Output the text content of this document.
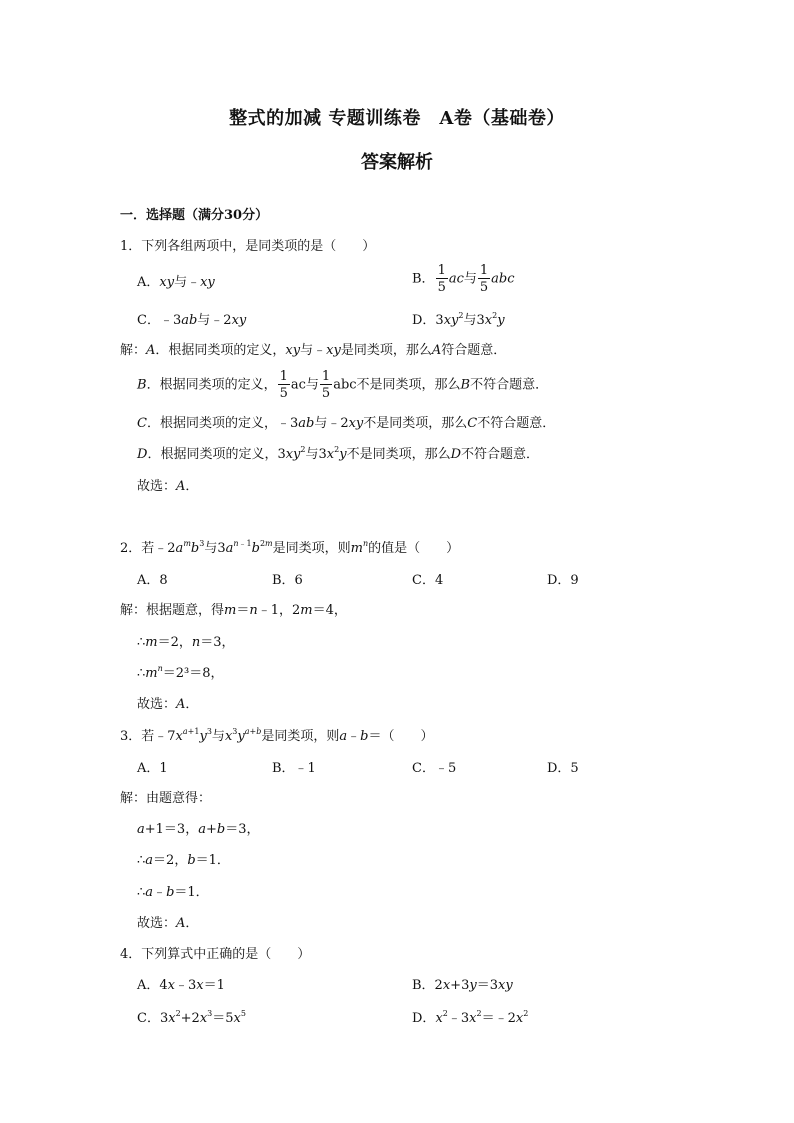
整式的加减 专题训练卷　A卷（基础卷）
答案解析
一．选择题（满分30分）
1．下列各组两项中，是同类项的是（　　）
A．xy与﹣xy	B． $\frac{1}{5}$ ac与 $\frac{1}{5}$ abc
C．﹣3ab与﹣2xy	D．$3xy^2$与$3x^2y$
解：A．根据同类项的定义，xy与﹣xy是同类项，那么A符合题意．
B．根据同类项的定义， $\frac{1}{5}$ ac与 $\frac{1}{5}$ abc不是同类项，那么B不符合题意．
C．根据同类项的定义，﹣3ab与﹣2xy不是同类项，那么C不符合题意．
D．根据同类项的定义，$3xy^2$与$3x^2y$不是同类项，那么D不符合题意．
故选：A．
2．若$﹣2a^mb^3$与$3a^{n﹣1}b^{2m}$是同类项，则$m^n$的值是（　　）
A．8	B．6	C．4	D．9
解：根据题意，得m＝n﹣1，2m＝4，
∴m＝2，n＝3，
$\therefore m^n=2^3=8$，
故选：A．
3．若$﹣7x^{a+1}y^3$与$x^3y^{a+b}$是同类项，则a﹣b＝（　　）
A．1	B．﹣1	C．﹣5	D．5
解：由题意得：
a+1＝3，a+b＝3，
∴a＝2，b＝1．
∴a﹣b＝1．
故选：A．
4．下列算式中正确的是（　　）
A．4x﹣3x＝1	B．2x+3y＝3xy
C．$3x^2+2x^3=5x^5$	D．$x^2﹣3x^2=﹣2x^2$
